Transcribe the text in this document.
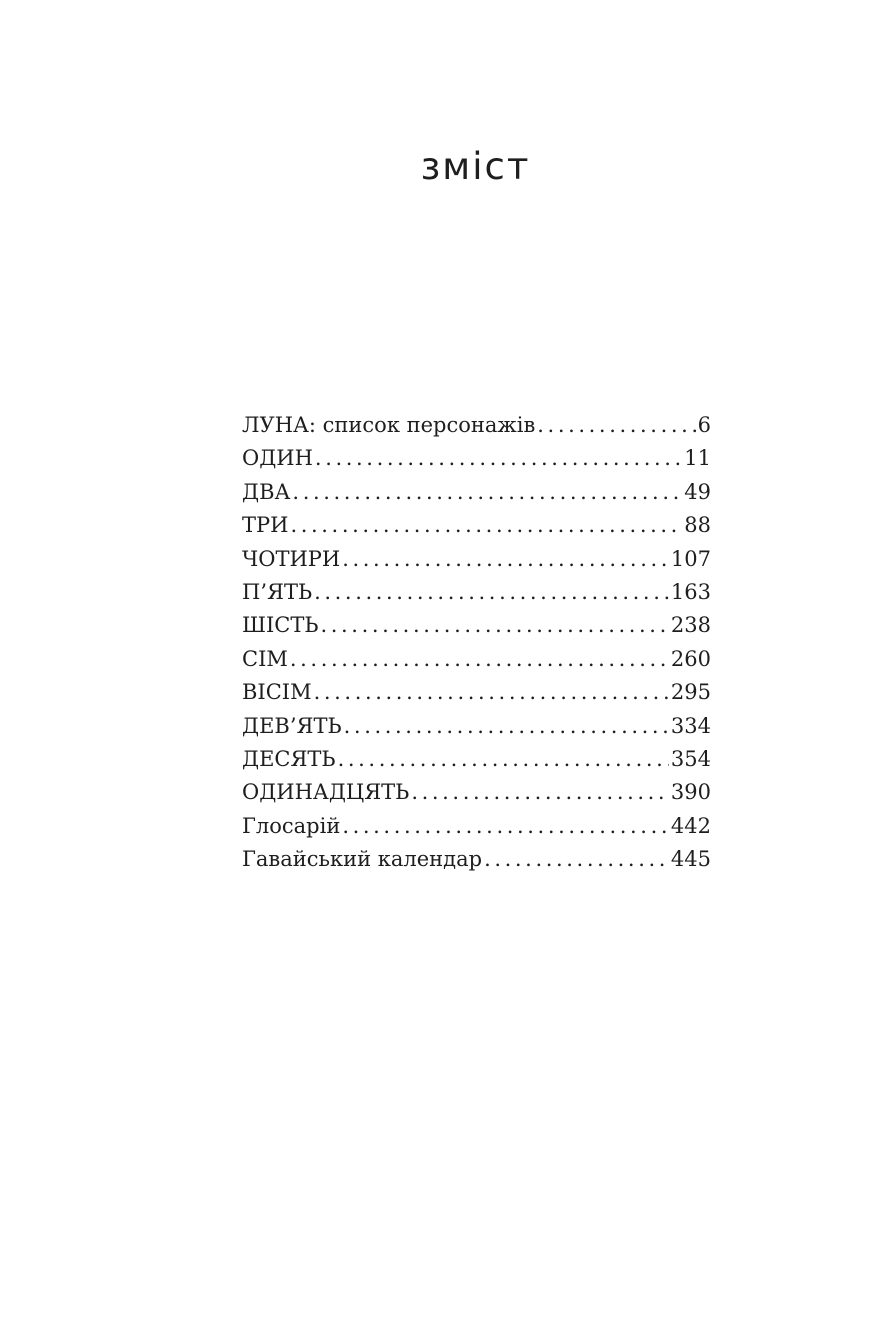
зміст
ЛУНА: список персонажів .....	6
ОДИН .....	11
ДВА .....	49
ТРИ .....	88
ЧОТИРИ .....	107
П’ЯТЬ .....	163
ШІСТЬ .....	238
СІМ .....	260
ВІСІМ .....	295
ДЕВ’ЯТЬ .....	334
ДЕСЯТЬ .....	354
ОДИНАДЦЯТЬ .....	390
Глосарій .....	442
Гавайський календар .....	445
